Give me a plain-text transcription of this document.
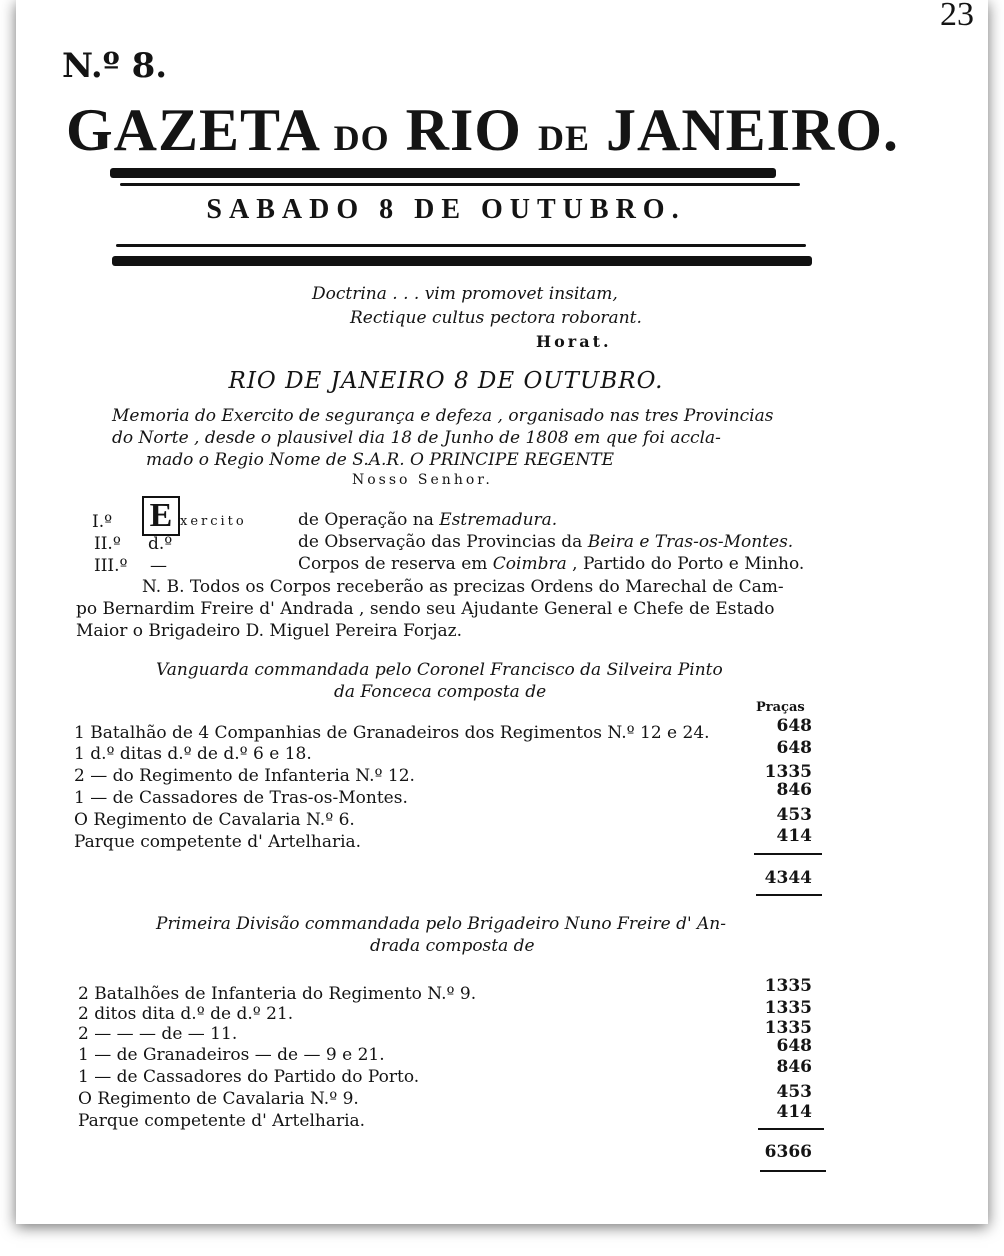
23
N.º 8.
GAZETA DO RIO DE JANEIRO.
SABADO 8 DE OUTUBRO.
Doctrina . . . vim promovet insitam,
Rectique cultus pectora roborant.
Horat.
RIO DE JANEIRO 8 DE OUTUBRO.
Memoria do Exercito de segurança e defeza , organisado nas tres Provincias
do Norte , desde o plausivel dia 18 de Junho de 1808 em que foi accla-
mado o Regio Nome de S.A.R. O PRINCIPE REGENTE
Nosso Senhor.
E
I.º	xercito	de Operação na Estremadura.
II.º d.º	de Observação das Provincias da Beira e Tras-os-Montes.
III.º —	Corpos de reserva em Coimbra , Partido do Porto e Minho.
N. B. Todos os Corpos receberão as precizas Ordens do Marechal de Cam-
po Bernardim Freire d' Andrada , sendo seu Ajudante General e Chefe de Estado
Maior o Brigadeiro D. Miguel Pereira Forjaz.
Vanguarda commandada pelo Coronel Francisco da Silveira Pinto
da Fonceca composta de
Praças
1 Batalhão de 4 Companhias de Granadeiros dos Regimentos N.º 12 e 24.	648
1 d.º ditas d.º de d.º 6 e 18.	648
2 — do Regimento de Infanteria N.º 12.	1335
1 — de Cassadores de Tras-os-Montes.	846
O Regimento de Cavalaria N.º 6.	453
Parque competente d' Artelharia.	414
4344
Primeira Divisão commandada pelo Brigadeiro Nuno Freire d' An-
drada composta de
2 Batalhões de Infanteria do Regimento N.º 9.	1335
2 ditos dita d.º de d.º 21.	1335
2 — — — de — 11.	1335
1 — de Granadeiros — de — 9 e 21.	648
1 — de Cassadores do Partido do Porto.	846
O Regimento de Cavalaria N.º 9.	453
Parque competente d' Artelharia.	414
6366
